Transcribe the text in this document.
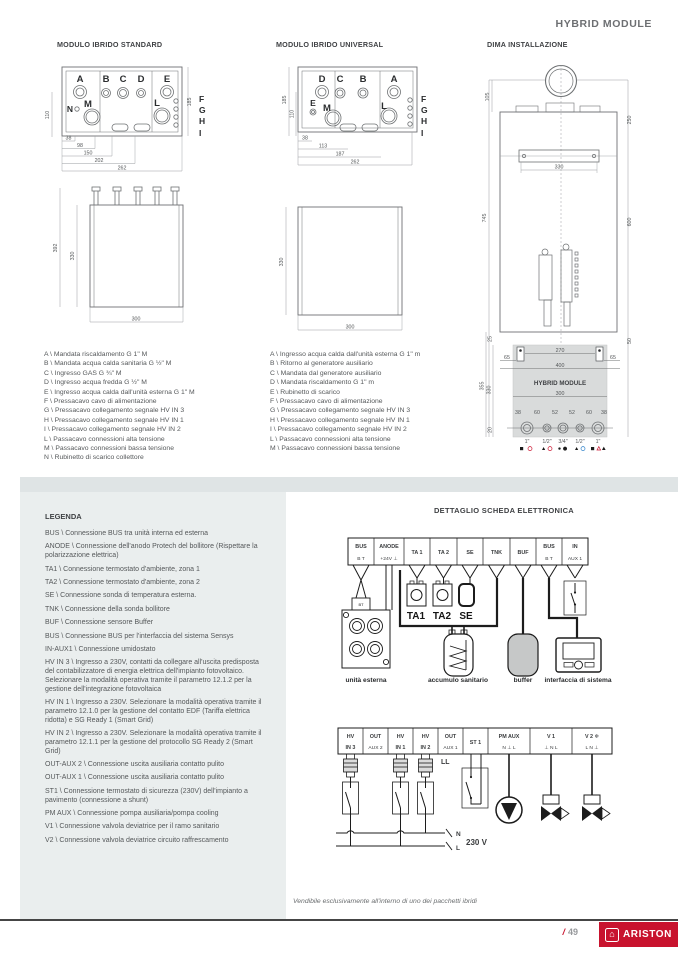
HYBRID MODULE
MODULO IBRIDO STANDARD	MODULO IBRIDO UNIVERSAL	DIMA INSTALLAZIONE
A B C D E
N M	L	F
G
H
I
185
110
38
98
150
202
262
392
330
300
A \ Mandata riscaldamento G 1" M
B \ Mandata acqua calda sanitaria G ½" M
C \ Ingresso GAS G ¾" M
D \ Ingresso acqua fredda G ½" M
E \ Ingresso acqua calda dall'unità esterna G 1" M
F \ Pressacavo cavo di alimentazione
G \ Pressacavo collegamento segnale HV IN 3
H \ Pressacavo collegamento segnale HV IN 1
I \ Pressacavo collegamento segnale HV IN 2
L \ Passacavo connessioni alta tensione
M \ Passacavo connessioni bassa tensione
N \ Rubinetto di scarico collettore
D C B	A
E M	L
F
G
H
I
185
110
38
113
187
262
330
300
A \ Ingresso acqua calda dall'unità esterna G 1" m
B \ Ritorno al generatore ausiliario
C \ Mandata dal generatore ausiliario
D \ Mandata riscaldamento G 1" m
E \ Rubinetto di scarico
F \ Pressacavo cavo di alimentazione
G \ Pressacavo collegamento segnale HV IN 3
H \ Pressacavo collegamento segnale HV IN 1
I \ Pressacavo collegamento segnale HV IN 2
L \ Passacavo connessioni alta tensione
M \ Passacavo connessioni bassa tensione
105
250
330
745	600
25	50
270
65	65
400
HYBRID MODULE
300
355 330
20
38 60 52 52 60 38
1" 1/2" 3/4" 1/2" 1"
LEGENDA
BUS \ Connessione BUS tra unità interna ed esterna
ANODE \ Connessione dell'anodo Protech del bollitore (Rispettare la polarizzazione elettrica)
TA1 \ Connessione termostato d'ambiente, zona 1
TA2 \ Connessione termostato d'ambiente, zona 2
SE \ Connessione sonda di temperatura esterna.
TNK \ Connessione della sonda bollitore
BUF \ Connessione sensore Buffer
BUS \ Connessione BUS per l'interfaccia del sistema Sensys
IN-AUX1 \ Connessione umidostato
HV IN 3 \ Ingresso a 230V, contatti da collegare all'uscita predisposta del contabilizzatore di energia elettrica dell'impianto fotovoltaico. Selezionare la modalità operativa tramite il parametro 12.1.2 per la gestione dell'integrazione fotovoltaica
HV IN 1 \ Ingresso a 230V. Selezionare la modalità operativa tramite il parametro 12.1.0 per la gestione del contatto EDF (Tariffa elettrica ridotta) e SG Ready 1 (Smart Grid)
HV IN 2 \ Ingresso a 230V. Selezionare la modalità operativa tramite il parametro 12.1.1 per la gestione del protocollo SG Ready 2 (Smart Grid)
OUT-AUX 2 \ Connessione uscita ausiliaria contatto pulito
OUT-AUX 1 \ Connessione uscita ausiliaria contatto pulito
ST1 \ Connessione termostato di sicurezza (230V) dell'impianto a pavimento (connessione a shunt)
PM AUX \ Connessione pompa ausiliaria/pompa cooling
V1 \ Connessione valvola deviatrice per il ramo sanitario
V2 \ Connessione valvola deviatrice circuito raffrescamento
DETTAGLIO SCHEDA ELETTRONICA
BUS
B T
ANODE
+24V ⊥
TA 1	TA 2	SE	TNK	BUF
BUS
B T
IN
AUX 1
TA1 TA2 SE
BT
unità esterna	accumulo sanitario	buffer interfaccia di sistema
HV
IN 3
OUT
AUX 2
HV
IN 1
HV
IN 2
OUT
AUX 1
ST 1
PM AUX
N ⊥ L
V 1
⊥ N L
V 2 ❄
L N ⊥
N
L
230 V
LL
Vendibile esclusivamente all'interno di uno dei pacchetti ibridi
/ 49	⌂ ARISTON
